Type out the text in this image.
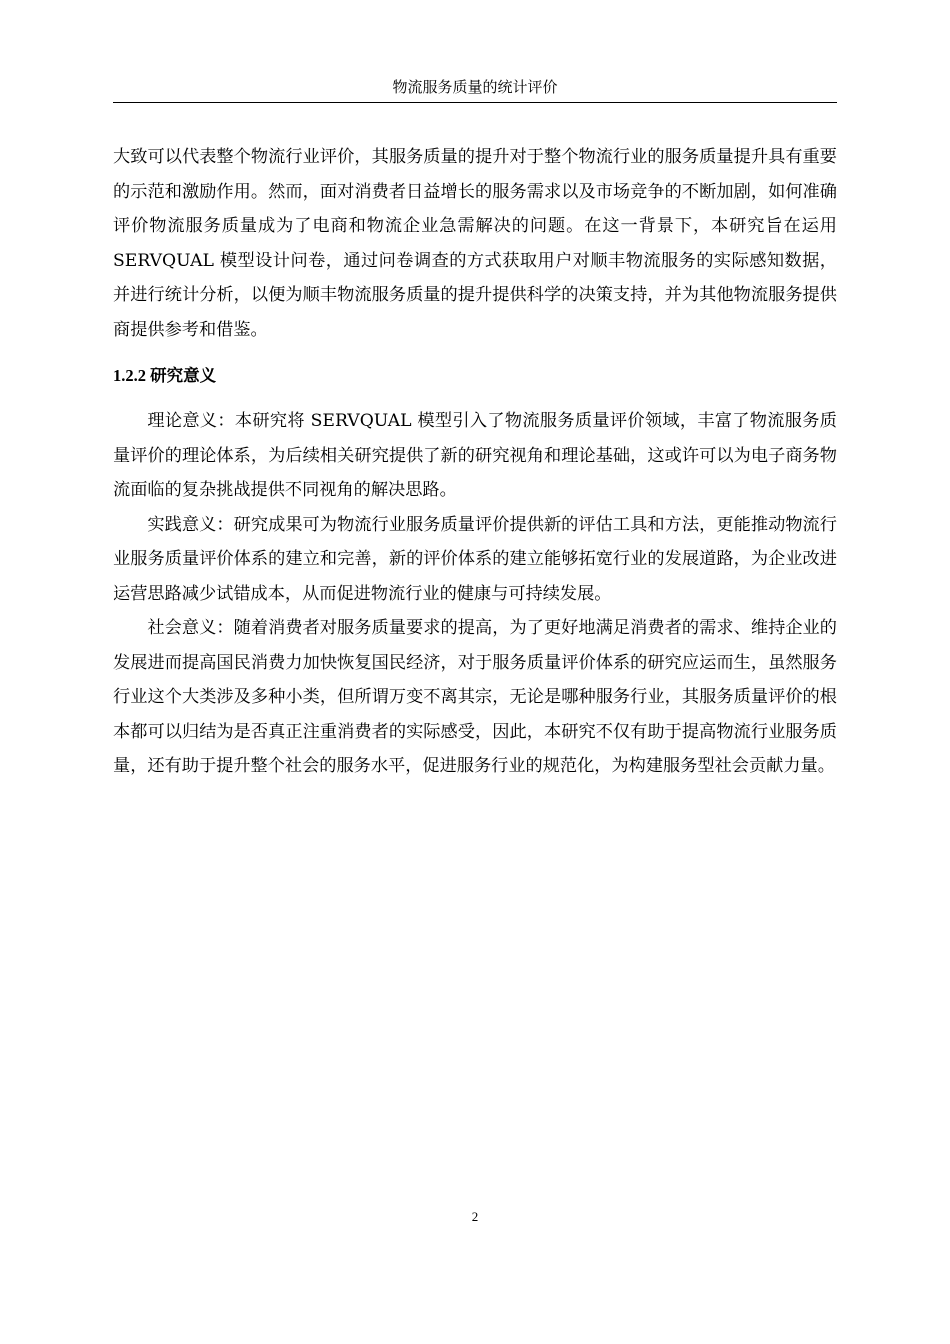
物流服务质量的统计评价

大致可以代表整个物流行业评价，其服务质量的提升对于整个物流行业的服务质量提升具有重要的示范和激励作用。然而，面对消费者日益增长的服务需求以及市场竞争的不断加剧，如何准确评价物流服务质量成为了电商和物流企业急需解决的问题。在这一背景下，本研究旨在运用 SERVQUAL 模型设计问卷，通过问卷调查的方式获取用户对顺丰物流服务的实际感知数据，并进行统计分析，以便为顺丰物流服务质量的提升提供科学的决策支持，并为其他物流服务提供商提供参考和借鉴。

1.2.2 研究意义

理论意义：本研究将 SERVQUAL 模型引入了物流服务质量评价领域，丰富了物流服务质量评价的理论体系，为后续相关研究提供了新的研究视角和理论基础，这或许可以为电子商务物流面临的复杂挑战提供不同视角的解决思路。

实践意义：研究成果可为物流行业服务质量评价提供新的评估工具和方法，更能推动物流行业服务质量评价体系的建立和完善，新的评价体系的建立能够拓宽行业的发展道路，为企业改进运营思路减少试错成本，从而促进物流行业的健康与可持续发展。

社会意义：随着消费者对服务质量要求的提高，为了更好地满足消费者的需求、维持企业的发展进而提高国民消费力加快恢复国民经济，对于服务质量评价体系的研究应运而生，虽然服务行业这个大类涉及多种小类，但所谓万变不离其宗，无论是哪种服务行业，其服务质量评价的根本都可以归结为是否真正注重消费者的实际感受，因此，本研究不仅有助于提高物流行业服务质量，还有助于提升整个社会的服务水平，促进服务行业的规范化，为构建服务型社会贡献力量。

2
